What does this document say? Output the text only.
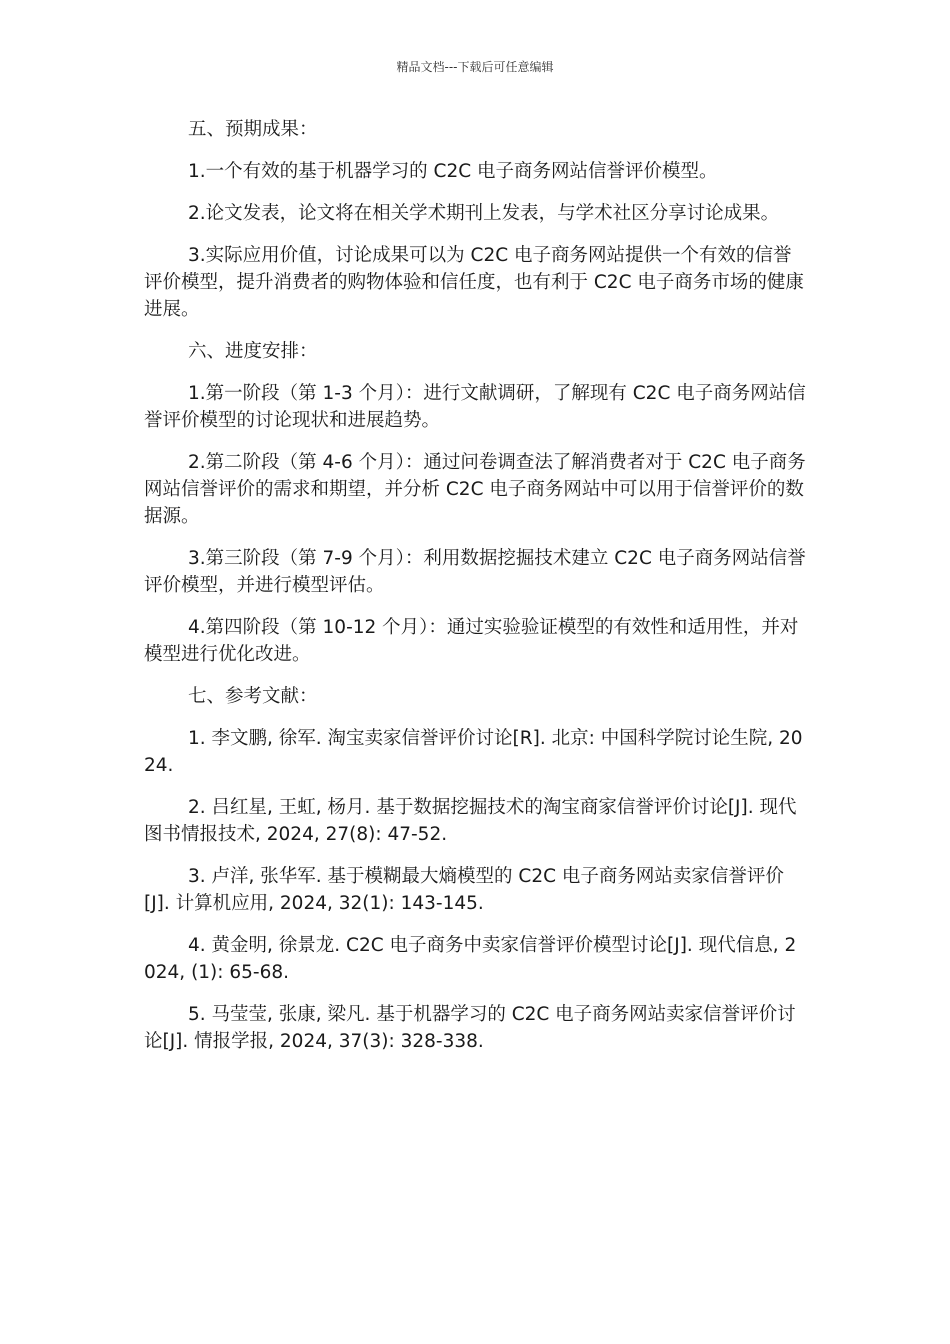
精品文档---下载后可任意编辑

五、预期成果：

1.一个有效的基于机器学习的 C2C 电子商务网站信誉评价模型。

2.论文发表，论文将在相关学术期刊上发表，与学术社区分享讨论成果。

3.实际应用价值，讨论成果可以为 C2C 电子商务网站提供一个有效的信誉评价模型，提升消费者的购物体验和信任度，也有利于 C2C 电子商务市场的健康进展。

六、进度安排：

1.第一阶段（第 1-3 个月）：进行文献调研，了解现有 C2C 电子商务网站信誉评价模型的讨论现状和进展趋势。

2.第二阶段（第 4-6 个月）：通过问卷调查法了解消费者对于 C2C 电子商务网站信誉评价的需求和期望，并分析 C2C 电子商务网站中可以用于信誉评价的数据源。

3.第三阶段（第 7-9 个月）：利用数据挖掘技术建立 C2C 电子商务网站信誉评价模型，并进行模型评估。

4.第四阶段（第 10-12 个月）：通过实验验证模型的有效性和适用性，并对模型进行优化改进。

七、参考文献：

1. 李文鹏, 徐军. 淘宝卖家信誉评价讨论[R]. 北京: 中国科学院讨论生院, 2024.

2. 吕红星, 王虹, 杨月. 基于数据挖掘技术的淘宝商家信誉评价讨论[J]. 现代图书情报技术, 2024, 27(8): 47-52.

3. 卢洋, 张华军. 基于模糊最大熵模型的 C2C 电子商务网站卖家信誉评价[J]. 计算机应用, 2024, 32(1): 143-145.

4. 黄金明, 徐景龙. C2C 电子商务中卖家信誉评价模型讨论[J]. 现代信息, 2024, (1): 65-68.

5. 马莹莹, 张康, 梁凡. 基于机器学习的 C2C 电子商务网站卖家信誉评价讨论[J]. 情报学报, 2024, 37(3): 328-338.
